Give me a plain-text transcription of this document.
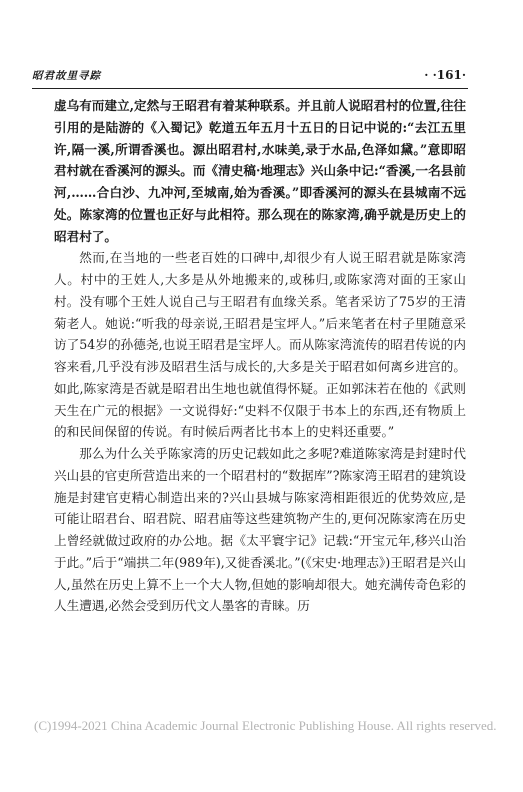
昭君故里寻踪	· ·161·

虚乌有而建立,定然与王昭君有着某种联系。并且前人说昭君村的位置,往往引用的是陆游的《入蜀记》乾道五年五月十五日的日记中说的:“去江五里许,隔一溪,所谓香溪也。源出昭君村,水味美,录于水品,色泽如黛。”意即昭君村就在香溪河的源头。而《清史稿·地理志》兴山条中记:“香溪,一名县前河,……合白沙、九冲河,至城南,始为香溪。”即香溪河的源头在县城南不远处。陈家湾的位置也正好与此相符。那么现在的陈家湾,确乎就是历史上的昭君村了。

然而,在当地的一些老百姓的口碑中,却很少有人说王昭君就是陈家湾人。村中的王姓人,大多是从外地搬来的,或秭归,或陈家湾对面的王家山村。没有哪个王姓人说自己与王昭君有血缘关系。笔者采访了75岁的王清菊老人。她说:“听我的母亲说,王昭君是宝坪人。”后来笔者在村子里随意采访了54岁的孙德尧,也说王昭君是宝坪人。而从陈家湾流传的昭君传说的内容来看,几乎没有涉及昭君生活与成长的,大多是关于昭君如何离乡进宫的。如此,陈家湾是否就是昭君出生地也就值得怀疑。正如郭沫若在他的《武则天生在广元的根据》一文说得好:“史料不仅限于书本上的东西,还有物质上的和民间保留的传说。有时候后两者比书本上的史料还重要。”

那么为什么关乎陈家湾的历史记载如此之多呢?难道陈家湾是封建时代兴山县的官吏所营造出来的一个昭君村的“数据库”?陈家湾王昭君的建筑设施是封建官吏精心制造出来的?兴山县城与陈家湾相距很近的优势效应,是可能让昭君台、昭君院、昭君庙等这些建筑物产生的,更何况陈家湾在历史上曾经就做过政府的办公地。据《太平寰宇记》记载:“开宝元年,移兴山治于此。”后于“端拱二年(989年),又徙香溪北。”(《宋史·地理志》)王昭君是兴山人,虽然在历史上算不上一个大人物,但她的影响却很大。她充满传奇色彩的人生遭遇,必然会受到历代文人墨客的青睐。历

(C)1994-2021 China Academic Journal Electronic Publishing House. All rights reserved.
